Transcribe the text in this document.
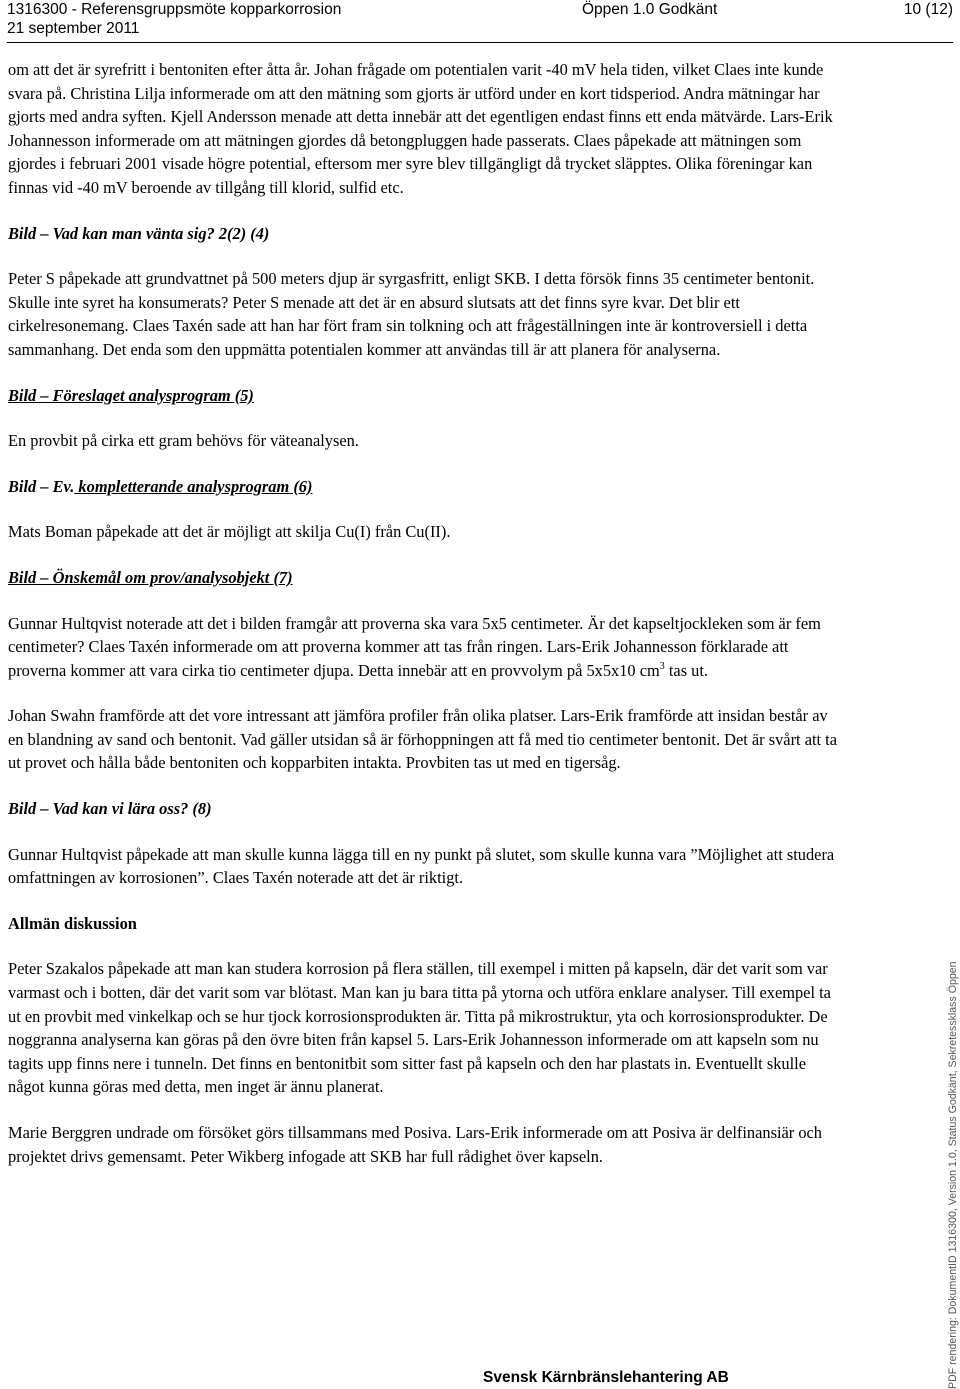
1316300 - Referensgruppsmöte kopparkorrosion
21 september 2011
Öppen 1.0 Godkänt	10 (12)

om att det är syrefritt i bentoniten efter åtta år. Johan frågade om potentialen varit -40 mV hela tiden, vilket Claes inte kunde svara på. Christina Lilja informerade om att den mätning som gjorts är utförd under en kort tidsperiod. Andra mätningar har gjorts med andra syften. Kjell Andersson menade att detta innebär att det egentligen endast finns ett enda mätvärde. Lars-Erik Johannesson informerade om att mätningen gjordes då betongpluggen hade passerats. Claes påpekade att mätningen som gjordes i februari 2001 visade högre potential, eftersom mer syre blev tillgängligt då trycket släpptes. Olika föreningar kan finnas vid -40 mV beroende av tillgång till klorid, sulfid etc.

Bild – Vad kan man vänta sig? 2(2) (4)

Peter S påpekade att grundvattnet på 500 meters djup är syrgasfritt, enligt SKB. I detta försök finns 35 centimeter bentonit. Skulle inte syret ha konsumerats? Peter S menade att det är en absurd slutsats att det finns syre kvar. Det blir ett cirkelresonemang. Claes Taxén sade att han har fört fram sin tolkning och att frågeställningen inte är kontroversiell i detta sammanhang. Det enda som den uppmätta potentialen kommer att användas till är att planera för analyserna.

Bild – Föreslaget analysprogram (5)

En provbit på cirka ett gram behövs för väteanalysen.

Bild – Ev. kompletterande analysprogram (6)

Mats Boman påpekade att det är möjligt att skilja Cu(I) från Cu(II).

Bild – Önskemål om prov/analysobjekt (7)

Gunnar Hultqvist noterade att det i bilden framgår att proverna ska vara 5x5 centimeter. Är det kapseltjockleken som är fem centimeter? Claes Taxén informerade om att proverna kommer att tas från ringen. Lars-Erik Johannesson förklarade att proverna kommer att vara cirka tio centimeter djupa. Detta innebär att en provvolym på 5x5x10 $cm^3$ tas ut.

Johan Swahn framförde att det vore intressant att jämföra profiler från olika platser. Lars-Erik framförde att insidan består av en blandning av sand och bentonit. Vad gäller utsidan så är förhoppningen att få med tio centimeter bentonit. Det är svårt att ta ut provet och hålla både bentoniten och kopparbiten intakta. Provbiten tas ut med en tigersåg.

Bild – Vad kan vi lära oss? (8)

Gunnar Hultqvist påpekade att man skulle kunna lägga till en ny punkt på slutet, som skulle kunna vara ”Möjlighet att studera omfattningen av korrosionen”. Claes Taxén noterade att det är riktigt.

Allmän diskussion

Peter Szakalos påpekade att man kan studera korrosion på flera ställen, till exempel i mitten på kapseln, där det varit som var varmast och i botten, där det varit som var blötast. Man kan ju bara titta på ytorna och utföra enklare analyser. Till exempel ta ut en provbit med vinkelkap och se hur tjock korrosionsprodukten är. Titta på mikrostruktur, yta och korrosionsprodukter. De noggranna analyserna kan göras på den övre biten från kapsel 5. Lars-Erik Johannesson informerade om att kapseln som nu tagits upp finns nere i tunneln. Det finns en bentonitbit som sitter fast på kapseln och den har plastats in. Eventuellt skulle något kunna göras med detta, men inget är ännu planerat.

Marie Berggren undrade om försöket görs tillsammans med Posiva. Lars-Erik informerade om att Posiva är delfinansiär och projektet drivs gemensamt. Peter Wikberg infogade att SKB har full rådighet över kapseln.

Svensk Kärnbränslehantering AB	PDF rendering: DokumentID 1316300, Version 1.0, Status Godkänt, Sekretessklass Öppen
